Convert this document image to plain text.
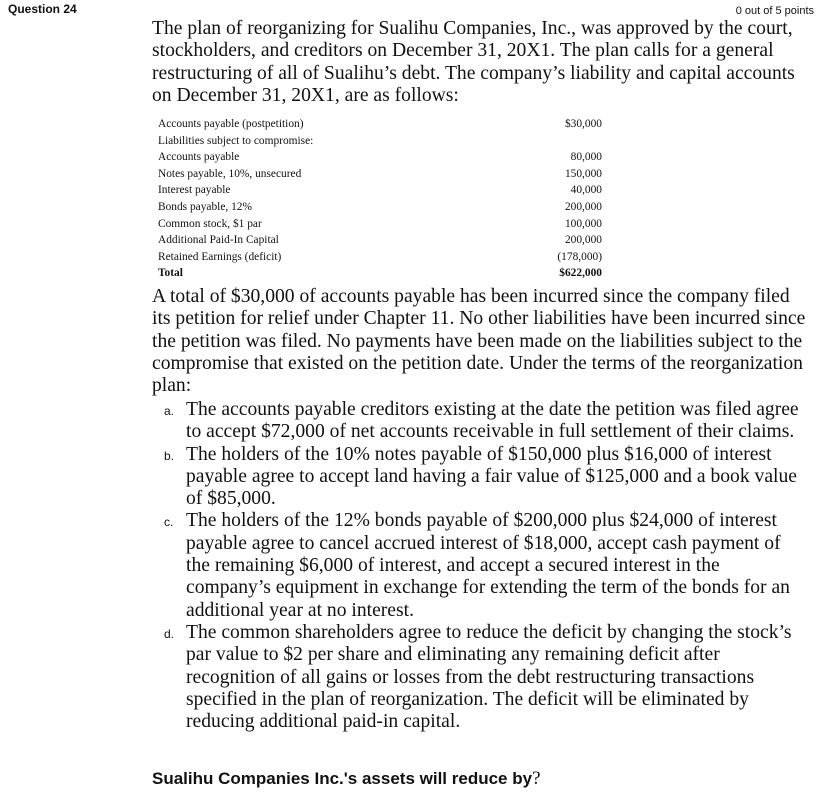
Question 24	0 out of 5 points

The plan of reorganizing for Sualihu Companies, Inc., was approved by the court, stockholders, and creditors on December 31, 20X1. The plan calls for a general restructuring of all of Sualihu’s debt. The company’s liability and capital accounts on December 31, 20X1, are as follows:

Accounts payable (postpetition)	$30,000
Liabilities subject to compromise:	
Accounts payable	80,000
Notes payable, 10%, unsecured	150,000
Interest payable	40,000
Bonds payable, 12%	200,000
Common stock, $1 par	100,000
Additional Paid-In Capital	200,000
Retained Earnings (deficit)	(178,000)
Total	$622,000

A total of $30,000 of accounts payable has been incurred since the company filed its petition for relief under Chapter 11. No other liabilities have been incurred since the petition was filed. No payments have been made on the liabilities subject to the compromise that existed on the petition date. Under the terms of the reorganization plan:

a. The accounts payable creditors existing at the date the petition was filed agree to accept $72,000 of net accounts receivable in full settlement of their claims.
b. The holders of the 10% notes payable of $150,000 plus $16,000 of interest payable agree to accept land having a fair value of $125,000 and a book value of $85,000.
c. The holders of the 12% bonds payable of $200,000 plus $24,000 of interest payable agree to cancel accrued interest of $18,000, accept cash payment of the remaining $6,000 of interest, and accept a secured interest in the company’s equipment in exchange for extending the term of the bonds for an additional year at no interest.
d. The common shareholders agree to reduce the deficit by changing the stock’s par value to $2 per share and eliminating any remaining deficit after recognition of all gains or losses from the debt restructuring transactions specified in the plan of reorganization. The deficit will be eliminated by reducing additional paid-in capital.

Sualihu Companies Inc.'s assets will reduce by?
